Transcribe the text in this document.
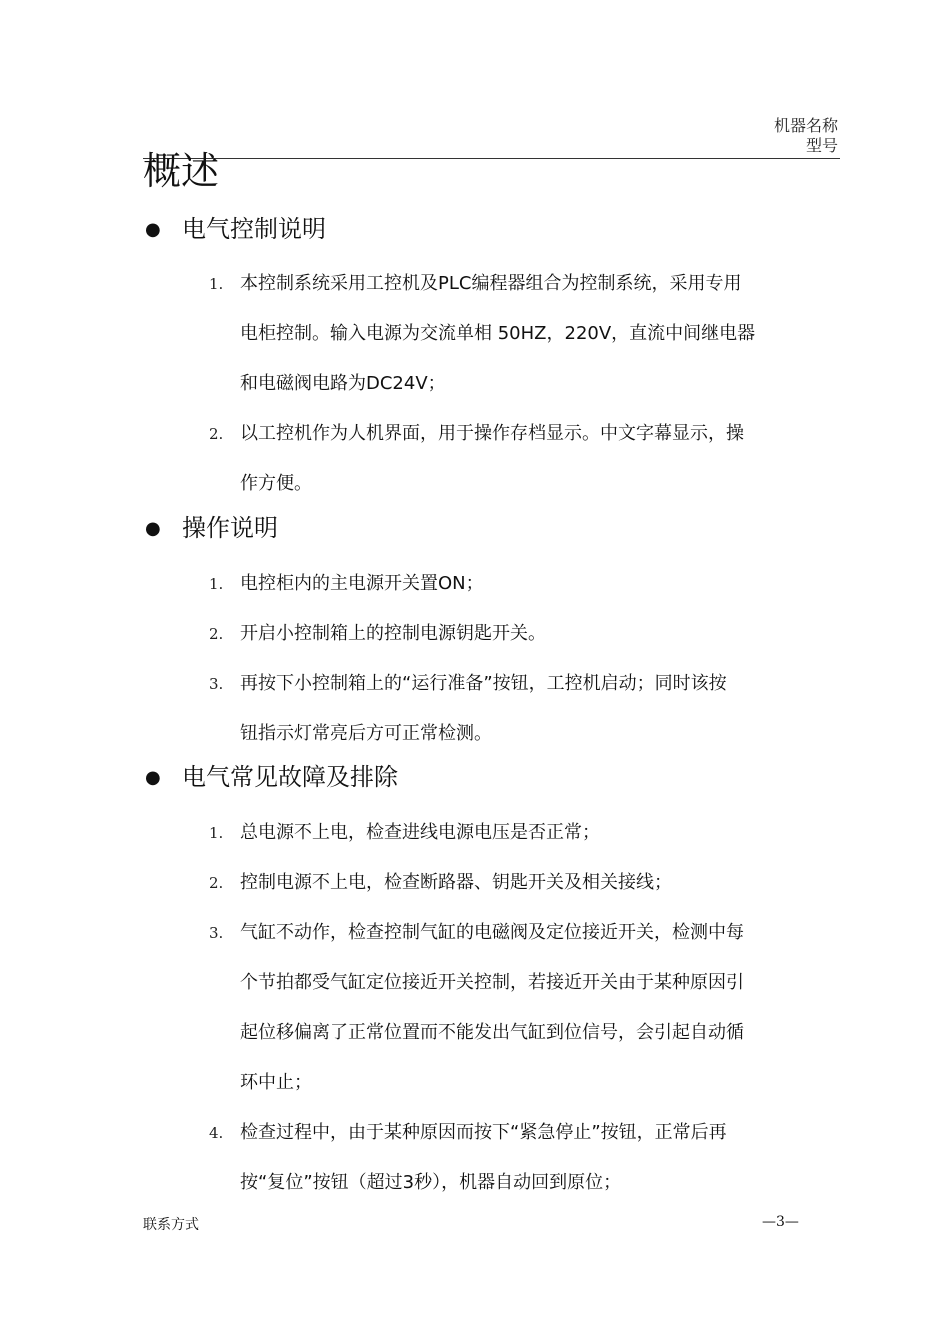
机器名称
型号
概述
● 电气控制说明
1. 本控制系统采用工控机及PLC编程器组合为控制系统，采用专用
电柜控制。输入电源为交流单相 50HZ，220V，直流中间继电器
和电磁阀电路为DC24V；
2. 以工控机作为人机界面，用于操作存档显示。中文字幕显示，操
作方便。
● 操作说明
1. 电控柜内的主电源开关置ON；
2. 开启小控制箱上的控制电源钥匙开关。
3. 再按下小控制箱上的“运行准备”按钮，工控机启动；同时该按
钮指示灯常亮后方可正常检测。
● 电气常见故障及排除
1. 总电源不上电，检查进线电源电压是否正常；
2. 控制电源不上电，检查断路器、钥匙开关及相关接线；
3. 气缸不动作，检查控制气缸的电磁阀及定位接近开关，检测中每
个节拍都受气缸定位接近开关控制，若接近开关由于某种原因引
起位移偏离了正常位置而不能发出气缸到位信号，会引起自动循
环中止；
4. 检查过程中，由于某种原因而按下“紧急停止”按钮，正常后再
按“复位”按钮（超过3秒），机器自动回到原位；
联系方式	—3—
